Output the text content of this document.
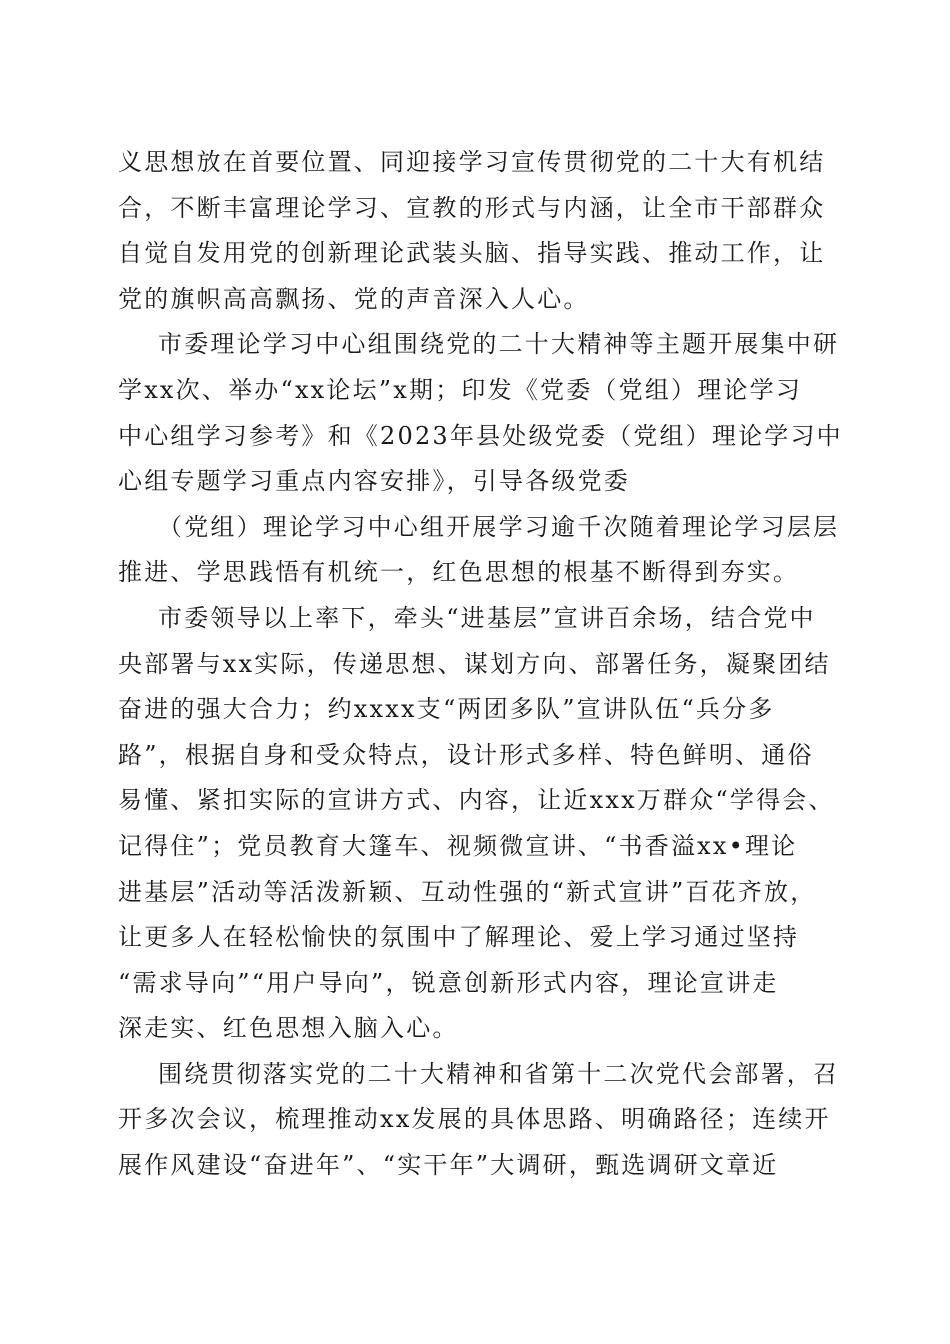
义思想放在首要位置、同迎接学习宣传贯彻党的二十大有机结
合，不断丰富理论学习、宣教的形式与内涵，让全市干部群众
自觉自发用党的创新理论武装头脑、指导实践、推动工作，让
党的旗帜高高飘扬、党的声音深入人心。

市委理论学习中心组围绕党的二十大精神等主题开展集中研
学xx次、举办“xx论坛”x期；印发《党委（党组）理论学习
中心组学习参考》和《2023年县处级党委（党组）理论学习中
心组专题学习重点内容安排》，引导各级党委

（党组）理论学习中心组开展学习逾千次随着理论学习层层
推进、学思践悟有机统一，红色思想的根基不断得到夯实。

市委领导以上率下，牵头“进基层”宣讲百余场，结合党中
央部署与xx实际，传递思想、谋划方向、部署任务，凝聚团结
奋进的强大合力；约xxxx支“两团多队”宣讲队伍“兵分多
路”，根据自身和受众特点，设计形式多样、特色鲜明、通俗
易懂、紧扣实际的宣讲方式、内容，让近xxx万群众“学得会、
记得住”；党员教育大篷车、视频微宣讲、“书香溢xx•理论
进基层”活动等活泼新颖、互动性强的“新式宣讲”百花齐放，
让更多人在轻松愉快的氛围中了解理论、爱上学习通过坚持
“需求导向”“用户导向”，锐意创新形式内容，理论宣讲走
深走实、红色思想入脑入心。

围绕贯彻落实党的二十大精神和省第十二次党代会部署，召
开多次会议，梳理推动xx发展的具体思路、明确路径；连续开
展作风建设“奋进年”、“实干年”大调研，甄选调研文章近
